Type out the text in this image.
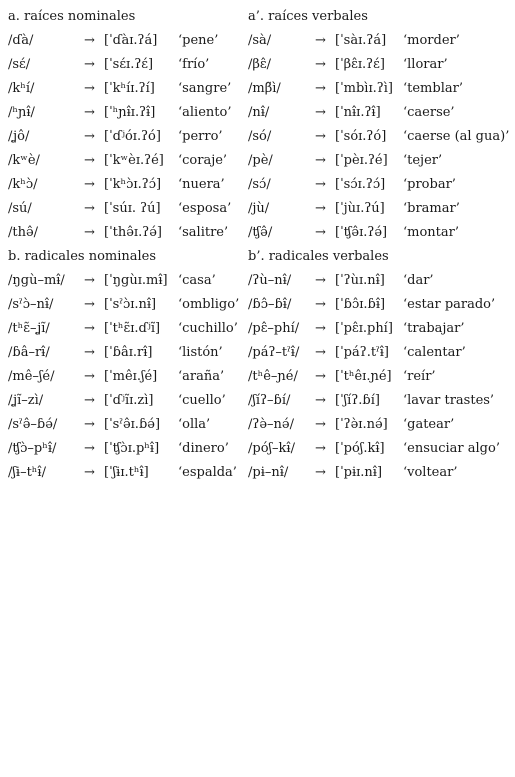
a. raíces nominales
/ɗà/	→ [ˈɗàɪ.ʔá] ‘pene’
/sɛ́/	→ [ˈsɛ́ɪ.ʔɛ́] ‘frío’
/kʰí/	→ [ˈkʰíɪ.ʔí] ‘sangre’
/ʰɲɨ̂/	→ [ˈʰɲɨ̂ɪ.ʔɨ̂] ‘aliento’
/ʝô/	→ [ˈɗʲóɪ.ʔó] ‘perro’
/kʷè/	→ [ˈkʷèɪ.ʔé] ‘coraje’
/kʰɔ̀/	→ [ˈkʰɔ̀ɪ.ʔɔ́] ‘nuera’
/sú/	→ [ˈsúɪ. ʔú] ‘esposa’
/thə̂/	→ [ˈthə̂ɪ.ʔə́] ‘salitre’
b. radicales nominales
/ŋgù–mɨ̂/ → [ˈŋgùɪ.mɨ̂] ‘casa’
/sˀɔ̀–nɨ̂/ → [ˈsˀɔ̀ɪ.nɨ̂] ‘ombligo’
/tʰɛ̃–ʝĩ/	→ [ˈtʰɛ̃ɪ.ɗʲĩ] ‘cuchillo’
/ɓâ–rɨ̂/	→ [ˈɓâɪ.rɨ̂] ‘listón’
/mê–ʃé/ → [ˈmêɪ.ʃé] ‘araña’
/ʝĩ–zì/	→ [ˈɗʲĩɪ.zì] ‘cuello’
/sˀə̂–ɓə́/ → [ˈsˀə̂ɪ.ɓə́] ‘olla’
/ʧɔ̀–pʰɨ̂/ → [ˈʧɔ̀ɪ.pʰɨ̂] ‘dinero’
/ʃɨ–tʰɨ̂/	→ [ˈʃɨɪ.tʰɨ̂] ‘espalda’
a’. raíces verbales
/sà/	→ [ˈsàɪ.ʔá] ‘morder’
/βɛ̂/	→ [ˈβɛ̂ɪ.ʔɛ́] ‘llorar’
/mβ̃ì/	→ [ˈmbìɪ.ʔì] ‘temblar’
/nɨ̂/	→ [ˈnɨ̂ɪ.ʔɨ̂] ‘caerse’
/só/	→ [ˈsóɪ.ʔó] ‘caerse (al gua)’
/pè/	→ [ˈpèɪ.ʔé] ‘tejer’
/sɔ́/	→ [ˈsɔ́ɪ.ʔɔ́] ‘probar’
/jù/	→ [ˈjùɪ.ʔú] ‘bramar’
/ʧə̂/	→ [ˈʧə̂ɪ.ʔə́] ‘montar’
b’. radicales verbales
/ʔù–nɨ̂/ → [ˈʔùɪ.nɨ̂] ‘dar’
/ɓɔ̂–ɓɨ̂/ → [ˈɓɔ̂ɪ.ɓɨ̂] ‘estar parado’
/pɛ̂–phí/ → [ˈpɛ̂ɪ.phí] ‘trabajar’
/páʔ–tˀɨ̂/ → [ˈpáʔ.tˀɨ̂] ‘calentar’
/tʰê–ɲé/ → [ˈtʰêɪ.ɲé] ‘reír’
/ʃíʔ–ɓí/ → [ˈʃíʔ.ɓí] ‘lavar trastes’
/ʔə̀–nə́/ → [ˈʔə̀ɪ.nə́] ‘gatear’
/póʃ–kɨ̂/ → [ˈpóʃ.kɨ̂] ‘ensuciar algo’
/pɨ–nɨ̂/ → [ˈpɨɪ.nɨ̂] ‘voltear’
